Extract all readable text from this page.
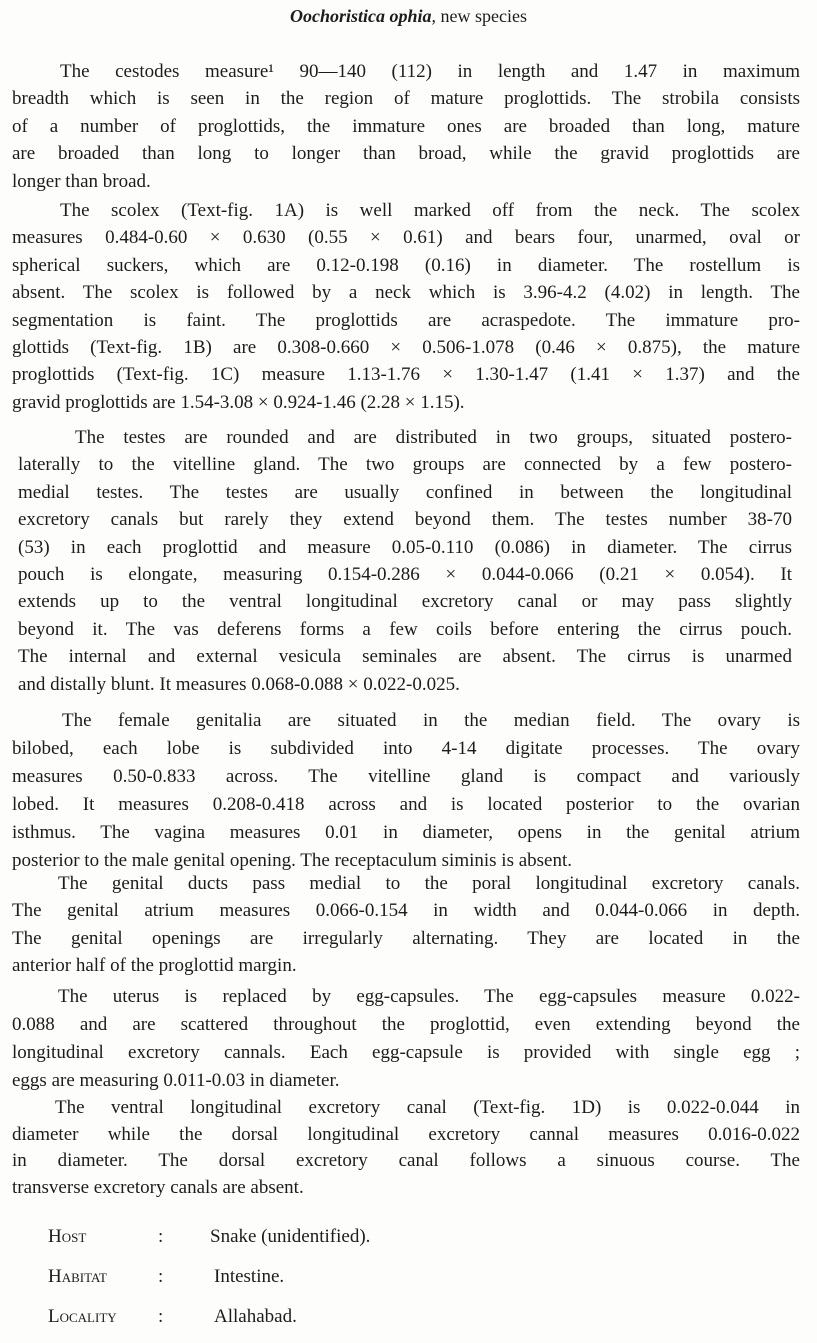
Oochoristica ophia, new species
The cestodes measure¹ 90—140 (112) in length and 1.47 in maximum
breadth which is seen in the region of mature proglottids. The strobila consists
of a number of proglottids, the immature ones are broaded than long, mature
are broaded than long to longer than broad, while the gravid proglottids are
longer than broad.
The scolex (Text-fig. 1A) is well marked off from the neck. The scolex
measures 0.484-0.60 × 0.630 (0.55 × 0.61) and bears four, unarmed, oval or
spherical suckers, which are 0.12-0.198 (0.16) in diameter. The rostellum is
absent. The scolex is followed by a neck which is 3.96-4.2 (4.02) in length. The
segmentation is faint. The proglottids are acraspedote. The immature pro-
glottids (Text-fig. 1B) are 0.308-0.660 × 0.506-1.078 (0.46 × 0.875), the mature
proglottids (Text-fig. 1C) measure 1.13-1.76 × 1.30-1.47 (1.41 × 1.37) and the
gravid proglottids are 1.54-3.08 × 0.924-1.46 (2.28 × 1.15).
The testes are rounded and are distributed in two groups, situated postero-
laterally to the vitelline gland. The two groups are connected by a few postero-
medial testes. The testes are usually confined in between the longitudinal
excretory canals but rarely they extend beyond them. The testes number 38-70
(53) in each proglottid and measure 0.05-0.110 (0.086) in diameter. The cirrus
pouch is elongate, measuring 0.154-0.286 × 0.044-0.066 (0.21 × 0.054). It
extends up to the ventral longitudinal excretory canal or may pass slightly
beyond it. The vas deferens forms a few coils before entering the cirrus pouch.
The internal and external vesicula seminales are absent. The cirrus is unarmed
and distally blunt. It measures 0.068-0.088 × 0.022-0.025.
The female genitalia are situated in the median field. The ovary is
bilobed, each lobe is subdivided into 4-14 digitate processes. The ovary
measures 0.50-0.833 across. The vitelline gland is compact and variously
lobed. It measures 0.208-0.418 across and is located posterior to the ovarian
isthmus. The vagina measures 0.01 in diameter, opens in the genital atrium
posterior to the male genital opening. The receptaculum siminis is absent.
The genital ducts pass medial to the poral longitudinal excretory canals.
The genital atrium measures 0.066-0.154 in width and 0.044-0.066 in depth.
The genital openings are irregularly alternating. They are located in the
anterior half of the proglottid margin.
The uterus is replaced by egg-capsules. The egg-capsules measure 0.022-
0.088 and are scattered throughout the proglottid, even extending beyond the
longitudinal excretory cannals. Each egg-capsule is provided with single egg ;
eggs are measuring 0.011-0.03 in diameter.
The ventral longitudinal excretory canal (Text-fig. 1D) is 0.022-0.044 in
diameter while the dorsal longitudinal excretory cannal measures 0.016-0.022
in diameter. The dorsal excretory canal follows a sinuous course. The
transverse excretory canals are absent.
Host	: Snake (unidentified).
Habitat	:	Intestine.
Locality :	Allahabad.
